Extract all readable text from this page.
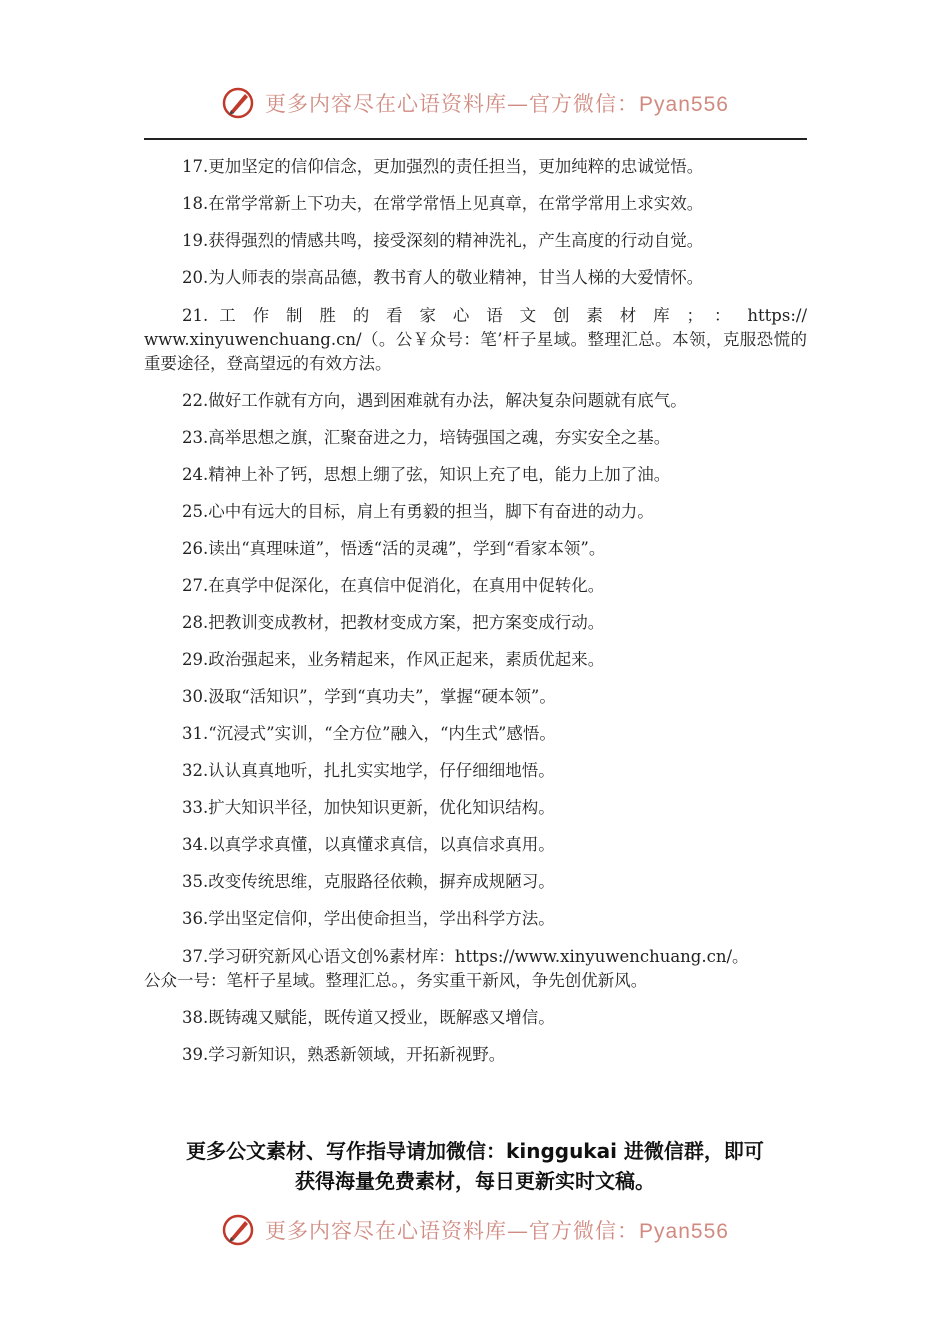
更多内容尽在心语资料库—官方微信：Pyan556
17.更加坚定的信仰信念，更加强烈的责任担当，更加纯粹的忠诚觉悟。
18.在常学常新上下功夫，在常学常悟上见真章，在常学常用上求实效。
19.获得强烈的情感共鸣，接受深刻的精神洗礼，产生高度的行动自觉。
20.为人师表的崇高品德，教书育人的敬业精神，甘当人梯的大爱情怀。
21. 工 作 制 胜 的 看 家 心 语 文 创 素 材 库 ； ： https://
www.xinyuwenchuang.cn/（。公￥众号：笔’杆子星域。整理汇总。本领，克服恐慌的重要途径，登高望远的有效方法。
22.做好工作就有方向，遇到困难就有办法，解决复杂问题就有底气。
23.高举思想之旗，汇聚奋进之力，培铸强国之魂，夯实安全之基。
24.精神上补了钙，思想上绷了弦，知识上充了电，能力上加了油。
25.心中有远大的目标，肩上有勇毅的担当，脚下有奋进的动力。
26.读出“真理味道”，悟透“活的灵魂”，学到“看家本领”。
27.在真学中促深化，在真信中促消化，在真用中促转化。
28.把教训变成教材，把教材变成方案，把方案变成行动。
29.政治强起来，业务精起来，作风正起来，素质优起来。
30.汲取“活知识”，学到“真功夫”，掌握“硬本领”。
31.“沉浸式”实训，“全方位”融入，“内生式”感悟。
32.认认真真地听，扎扎实实地学，仔仔细细地悟。
33.扩大知识半径，加快知识更新，优化知识结构。
34.以真学求真懂，以真懂求真信，以真信求真用。
35.改变传统思维，克服路径依赖，摒弃成规陋习。
36.学出坚定信仰，学出使命担当，学出科学方法。
37.学习研究新风心语文创%素材库：https://www.xinyuwenchuang.cn/。
公众一号：笔杆子星域。整理汇总。，务实重干新风，争先创优新风。
38.既铸魂又赋能，既传道又授业，既解惑又增信。
39.学习新知识，熟悉新领域，开拓新视野。
更多公文素材、写作指导请加微信：kinggukai 进微信群，即可
获得海量免费素材，每日更新实时文稿。
更多内容尽在心语资料库—官方微信：Pyan556
